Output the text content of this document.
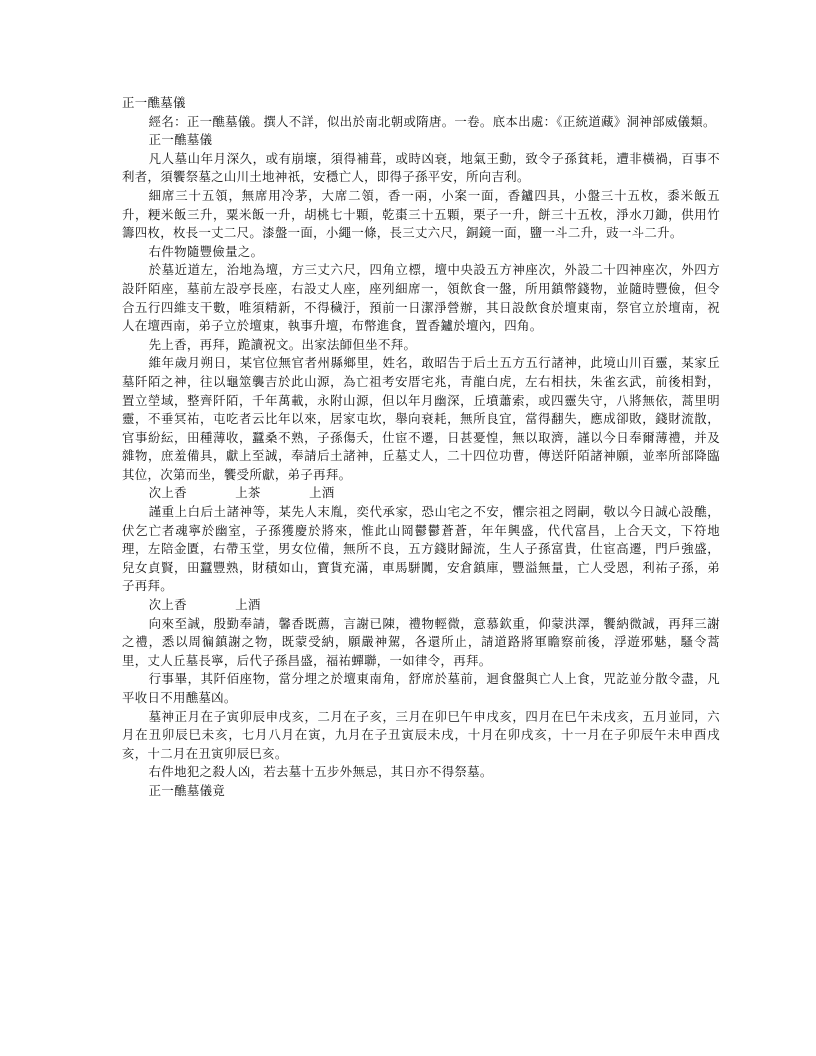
正一醮墓儀

經名：正一醮墓儀。撰人不詳，似出於南北朝或隋唐。一卷。底本出處：《正統道藏》洞神部威儀類。

正一醮墓儀

凡人墓山年月深久，或有崩壞，須得補葺，或時凶衰，地氣王動，致令子孫貧耗，遭非橫禍，百事不利者，須饗祭墓之山川土地神祇，安穩亡人，即得子孫平安，所向吉利。

細席三十五領，無席用冷茅，大席二領，香一兩，小案一面，香鑪四具，小盤三十五枚，黍米飯五升，粳米飯三升，粟米飯一升，胡桃七十顆，乾棗三十五顆，栗子一升，餅三十五枚，淨水刀鋤，供用竹籌四枚，枚長一丈二尺。漆盤一面，小繩一條，長三丈六尺，銅鏡一面，鹽一斗二升，豉一斗二升。

右件物隨豐儉量之。

於墓近道左，治地為壇，方三丈六尺，四角立標，壇中央設五方神座次，外設二十四神座次，外四方設阡陌座，墓前左設亭長座，右設丈人座，座列細席一，領飲食一盤，所用鎮幣錢物，並隨時豐儉，但令合五行四維支干數，唯須精新，不得穢汙，預前一日潔淨營辦，其日設飲食於壇東南，祭官立於壇南，祝人在壇西南，弟子立於壇東，執事升壇，布幣進食，置香鑪於壇內，四角。

先上香，再拜，跪讀祝文。出家法師但坐不拜。

維年歲月朔日，某官位無官者州縣鄉里，姓名，敢昭告于后土五方五行諸神，此境山川百靈，某家丘墓阡陌之神，往以龜筮襲吉於此山源，為亡祖考安厝宅兆，青龍白虎，左右相扶，朱雀玄武，前後相對，置立塋域，整齊阡陌，千年萬載，永附山源，但以年月幽深，丘墳蕭索，或四靈失守，八將無依，蒿里明靈，不垂冥祐，屯吃者云比年以來，居家屯坎，舉向衰耗，無所良宜，當得翻失，應成卻敗，錢財流散，官事紛紜，田種薄收，蠶桑不熟，子孫傷夭，仕宦不遷，日甚憂惶，無以取濟，謹以今日奉爾薄禮，并及雜物，庶羞備具，獻上至誠，奉請后土諸神，丘墓丈人，二十四位功曹，傳送阡陌諸神願，並率所部降臨其位，次第而坐，饗受所獻，弟子再拜。

次上香	上茶	上酒

謹重上白后土諸神等，某先人末胤，奕代承家，恐山宅之不安，懼宗祖之罔嗣，敬以今日誠心設醮，伏乞亡者魂寧於幽室，子孫獲慶於將來，惟此山岡鬱鬱蒼蒼，年年興盛，代代富昌，上合天文，下符地理，左陪金匱，右帶玉堂，男女位備，無所不良，五方錢財歸流，生人子孫富貴，仕宦高遷，門戶強盛，兒女貞賢，田蠶豐熟，財積如山，寶貨充滿，車馬駢闐，安倉鎮庫，豐溢無量，亡人受恩，利祐子孫，弟子再拜。

次上香	上酒

向來至誠，殷勤奉請，馨香既薦，言謝已陳，禮物輕微，意慕欽重，仰蒙洪澤，饗納微誠，再拜三謝之禮，悉以周徧鎮謝之物，既蒙受納，願嚴神駕，各還所止，請道路將軍瞻察前後，浮遊邪魅，騷令蒿里，丈人丘墓長寧，后代子孫昌盛，福祐蟬聯，一如律令，再拜。

行事畢，其阡佰座物，當分埋之於壇東南角，舒席於墓前，迴食盤與亡人上食，咒訖並分散令盡，凡平收日不用醮墓凶。

墓神正月在子寅卯辰申戌亥，二月在子亥，三月在卯巳午申戌亥，四月在巳午未戌亥，五月並同，六月在丑卯辰巳未亥，七月八月在寅，九月在子丑寅辰未戌，十月在卯戌亥，十一月在子卯辰午未申酉戌亥，十二月在丑寅卯辰巳亥。

右件地犯之殺人凶，若去墓十五步外無忌，其日亦不得祭墓。

正一醮墓儀竟
